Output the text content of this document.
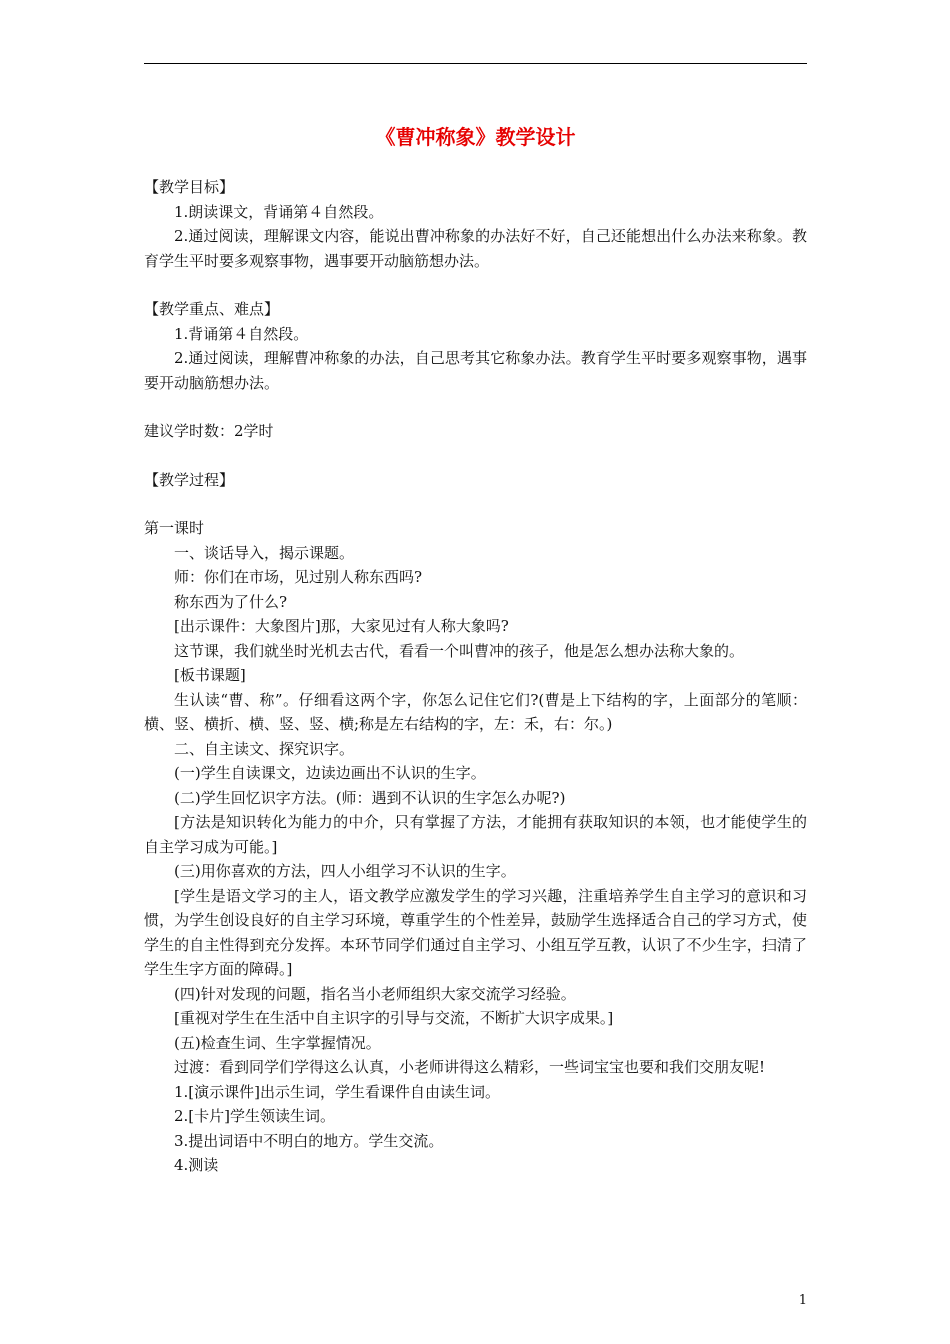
《曹冲称象》教学设计

【教学目标】

1.朗读课文，背诵第４自然段。

2.通过阅读，理解课文内容，能说出曹冲称象的办法好不好，自己还能想出什么办法来称象。教育学生平时要多观察事物，遇事要开动脑筋想办法。

【教学重点、难点】

1.背诵第４自然段。

2.通过阅读，理解曹冲称象的办法，自己思考其它称象办法。教育学生平时要多观察事物，遇事要开动脑筋想办法。

建议学时数：2学时

【教学过程】

第一课时

一、谈话导入，揭示课题。

师：你们在市场，见过别人称东西吗?

称东西为了什么?

[出示课件：大象图片]那，大家见过有人称大象吗?

这节课，我们就坐时光机去古代，看看一个叫曹冲的孩子，他是怎么想办法称大象的。

[板书课题]

生认读“曹、称”。仔细看这两个字，你怎么记住它们?(曹是上下结构的字，上面部分的笔顺：横、竖、横折、横、竖、竖、横;称是左右结构的字，左：禾，右：尔。)

二、自主读文、探究识字。

(一)学生自读课文，边读边画出不认识的生字。

(二)学生回忆识字方法。(师：遇到不认识的生字怎么办呢?)

[方法是知识转化为能力的中介，只有掌握了方法，才能拥有获取知识的本领，也才能使学生的自主学习成为可能。]

(三)用你喜欢的方法，四人小组学习不认识的生字。

[学生是语文学习的主人，语文教学应激发学生的学习兴趣，注重培养学生自主学习的意识和习惯，为学生创设良好的自主学习环境，尊重学生的个性差异，鼓励学生选择适合自己的学习方式，使学生的自主性得到充分发挥。本环节同学们通过自主学习、小组互学互教，认识了不少生字，扫清了学生生字方面的障碍。]

(四)针对发现的问题，指名当小老师组织大家交流学习经验。

[重视对学生在生活中自主识字的引导与交流，不断扩大识字成果。]

(五)检查生词、生字掌握情况。

过渡：看到同学们学得这么认真，小老师讲得这么精彩，一些词宝宝也要和我们交朋友呢!

1.[演示课件]出示生词，学生看课件自由读生词。

2.[卡片]学生领读生词。

3.提出词语中不明白的地方。学生交流。

4.测读

1
